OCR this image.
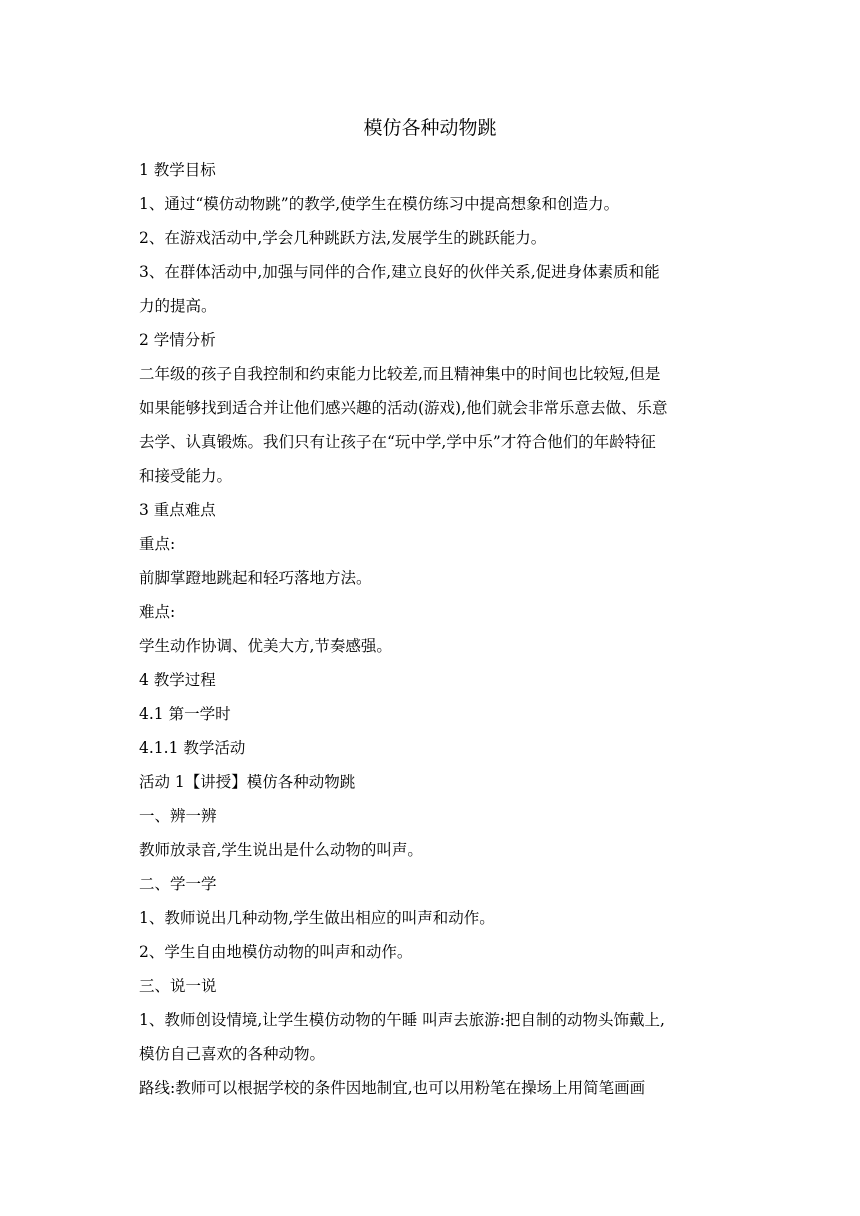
模仿各种动物跳

1 教学目标

1、通过“模仿动物跳”的教学,使学生在模仿练习中提高想象和创造力。

2、在游戏活动中,学会几种跳跃方法,发展学生的跳跃能力。

3、在群体活动中,加强与同伴的合作,建立良好的伙伴关系,促进身体素质和能

力的提高。

2 学情分析

二年级的孩子自我控制和约束能力比较差,而且精神集中的时间也比较短,但是

如果能够找到适合并让他们感兴趣的活动(游戏),他们就会非常乐意去做、乐意

去学、认真锻炼。我们只有让孩子在“玩中学,学中乐”才符合他们的年龄特征

和接受能力。

3 重点难点

重点:

前脚掌蹬地跳起和轻巧落地方法。

难点:

学生动作协调、优美大方,节奏感强。

4 教学过程

4.1 第一学时

4.1.1 教学活动

活动 1【讲授】模仿各种动物跳

一、辨一辨

教师放录音,学生说出是什么动物的叫声。

二、学一学

1、教师说出几种动物,学生做出相应的叫声和动作。

2、学生自由地模仿动物的叫声和动作。

三、说一说

1、教师创设情境,让学生模仿动物的午睡 叫声去旅游:把自制的动物头饰戴上,

模仿自己喜欢的各种动物。

路线:教师可以根据学校的条件因地制宜,也可以用粉笔在操场上用简笔画画
